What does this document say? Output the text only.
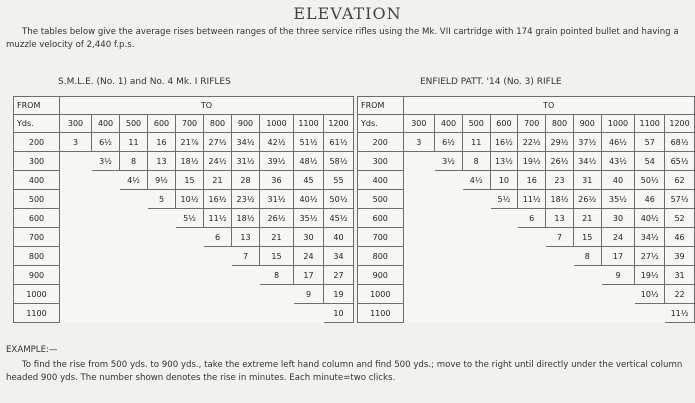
ELEVATION
The tables below give the average rises between ranges of the three service rifles using the Mk. VII cartridge with 174 grain pointed bullet and having a muzzle velocity of 2,440 f.p.s.
S.M.L.E. (No. 1) and No. 4 Mk. I RIFLES	ENFIELD PATT. '14 (No. 3) RIFLE
FROM	TO									
Yds.	300	400	500	600	700	800	900	1000	1100	1200
200	3	6½	11	16	21⅞	27½	34½	42½	51½	61½
300		3½	8	13	18½	24½	31½	39½	48½	58½
400			4½	9½	15	21	28	36	45	55
500				5	10½	16½	23½	31½	40½	50½
600					5½	11½	18½	26½	35½	45½
700						6	13	21	30	40
800							7	15	24	34
900								8	17	27
1000									9	19
1100										10
FROM	TO									
Yds.	300	400	500	600	700	800	900	1000	1100	1200
200	3	6½	11	16½	22½	29½	37½	46½	57	68½
300		3½	8	13½	19½	26½	34½	43½	54	65½
400			4½	10	16	23	31	40	50½	62
500				5½	11½	18½	26½	35½	46	57½
600					6	13	21	30	40½	52
700						7	15	24	34½	46
800							8	17	27½	39
900								9	19½	31
1000									10½	22
1100										11½
EXAMPLE:—
To find the rise from 500 yds. to 900 yds., take the extreme left hand column and find 500 yds.; move to the right until directly under the vertical column headed 900 yds. The number shown denotes the rise in minutes. Each minute=two clicks.
